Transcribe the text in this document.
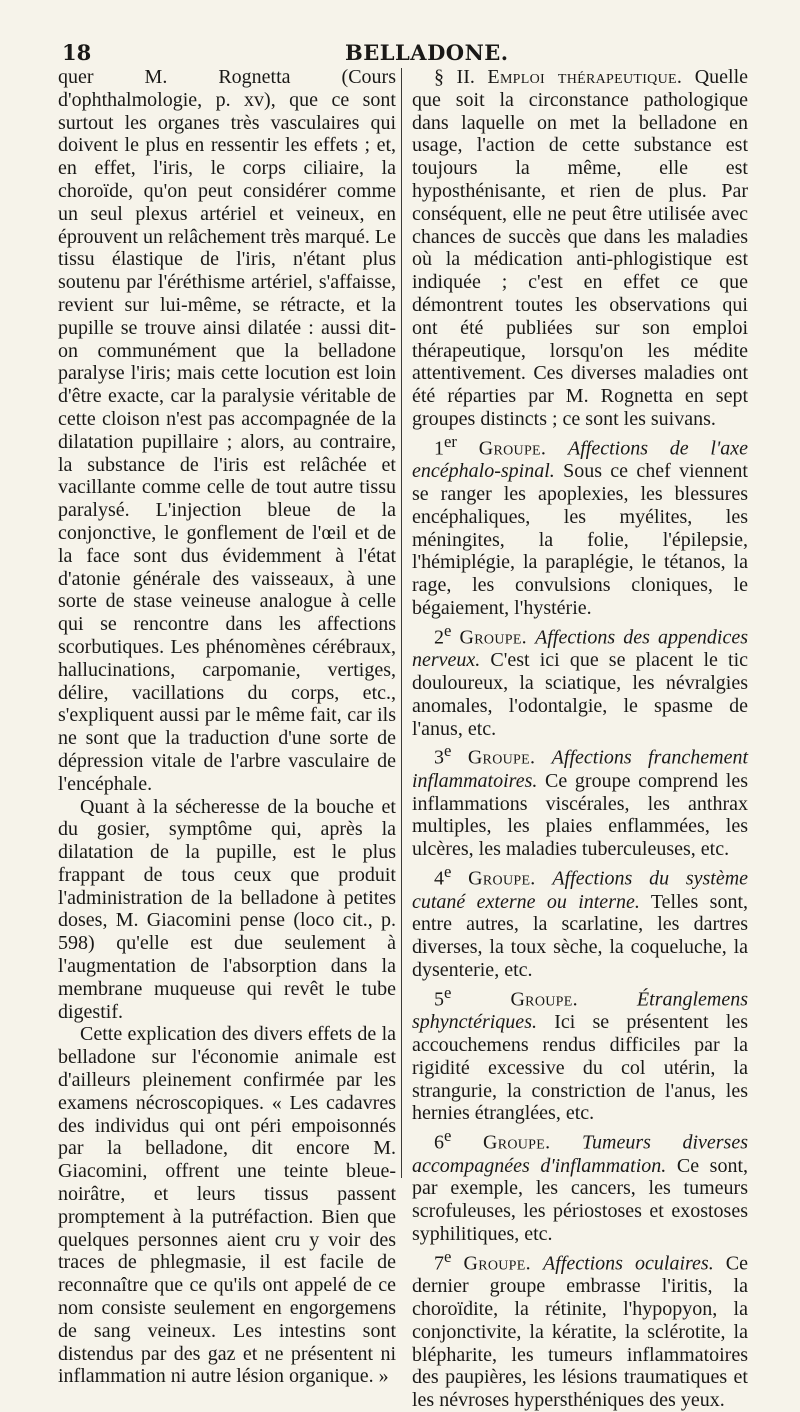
18	BELLADONE.

quer M. Rognetta (Cours d'ophthalmologie, p. xv), que ce sont surtout les organes très vasculaires qui doivent le plus en ressentir les effets ; et, en effet, l'iris, le corps ciliaire, la choroïde, qu'on peut considérer comme un seul plexus artériel et veineux, en éprouvent un relâchement très marqué. Le tissu élastique de l'iris, n'étant plus soutenu par l'éréthisme artériel, s'affaisse, revient sur lui-même, se rétracte, et la pupille se trouve ainsi dilatée : aussi dit-on communément que la belladone paralyse l'iris; mais cette locution est loin d'être exacte, car la paralysie véritable de cette cloison n'est pas accompagnée de la dilatation pupillaire ; alors, au contraire, la substance de l'iris est relâchée et vacillante comme celle de tout autre tissu paralysé. L'injection bleue de la conjonctive, le gonflement de l'œil et de la face sont dus évidemment à l'état d'atonie générale des vaisseaux, à une sorte de stase veineuse analogue à celle qui se rencontre dans les affections scorbutiques. Les phénomènes cérébraux, hallucinations, carpomanie, vertiges, délire, vacillations du corps, etc., s'expliquent aussi par le même fait, car ils ne sont que la traduction d'une sorte de dépression vitale de l'arbre vasculaire de l'encéphale.

Quant à la sécheresse de la bouche et du gosier, symptôme qui, après la dilatation de la pupille, est le plus frappant de tous ceux que produit l'administration de la belladone à petites doses, M. Giacomini pense (loco cit., p. 598) qu'elle est due seulement à l'augmentation de l'absorption dans la membrane muqueuse qui revêt le tube digestif.

Cette explication des divers effets de la belladone sur l'économie animale est d'ailleurs pleinement confirmée par les examens nécroscopiques. « Les cadavres des individus qui ont péri empoisonnés par la belladone, dit encore M. Giacomini, offrent une teinte bleue-noirâtre, et leurs tissus passent promptement à la putréfaction. Bien que quelques personnes aient cru y voir des traces de phlegmasie, il est facile de reconnaître que ce qu'ils ont appelé de ce nom consiste seulement en engorgemens de sang veineux. Les intestins sont distendus par des gaz et ne présentent ni inflammation ni autre lésion organique. »

§ II. Emploi thérapeutique. Quelle que soit la circonstance pathologique dans laquelle on met la belladone en usage, l'action de cette substance est toujours la même, elle est hyposthénisante, et rien de plus. Par conséquent, elle ne peut être utilisée avec chances de succès que dans les maladies où la médication anti-phlogistique est indiquée ; c'est en effet ce que démontrent toutes les observations qui ont été publiées sur son emploi thérapeutique, lorsqu'on les médite attentivement. Ces diverses maladies ont été réparties par M. Rognetta en sept groupes distincts ; ce sont les suivans.

1er Groupe. Affections de l'axe encéphalo-spinal. Sous ce chef viennent se ranger les apoplexies, les blessures encéphaliques, les myélites, les méningites, la folie, l'épilepsie, l'hémiplégie, la paraplégie, le tétanos, la rage, les convulsions cloniques, le bégaiement, l'hystérie.

2e Groupe. Affections des appendices nerveux. C'est ici que se placent le tic douloureux, la sciatique, les névralgies anomales, l'odontalgie, le spasme de l'anus, etc.

3e Groupe. Affections franchement inflammatoires. Ce groupe comprend les inflammations viscérales, les anthrax multiples, les plaies enflammées, les ulcères, les maladies tuberculeuses, etc.

4e Groupe. Affections du système cutané externe ou interne. Telles sont, entre autres, la scarlatine, les dartres diverses, la toux sèche, la coqueluche, la dysenterie, etc.

5e	Groupe.	Étranglemens sphynctériques. Ici se présentent les accouchemens rendus difficiles par la rigidité excessive du col utérin, la strangurie, la constriction de l'anus, les hernies étranglées, etc.

6e Groupe. Tumeurs diverses accompagnées d'inflammation. Ce sont, par exemple, les cancers, les tumeurs scrofuleuses, les périostoses et exostoses syphilitiques, etc.

7e Groupe. Affections oculaires. Ce dernier groupe embrasse l'iritis, la choroïdite, la rétinite, l'hypopyon, la conjonctivite, la kératite, la sclérotite, la blépharite, les tumeurs inflammatoires des paupières, les lésions traumatiques et les névroses hypersthéniques des yeux.
